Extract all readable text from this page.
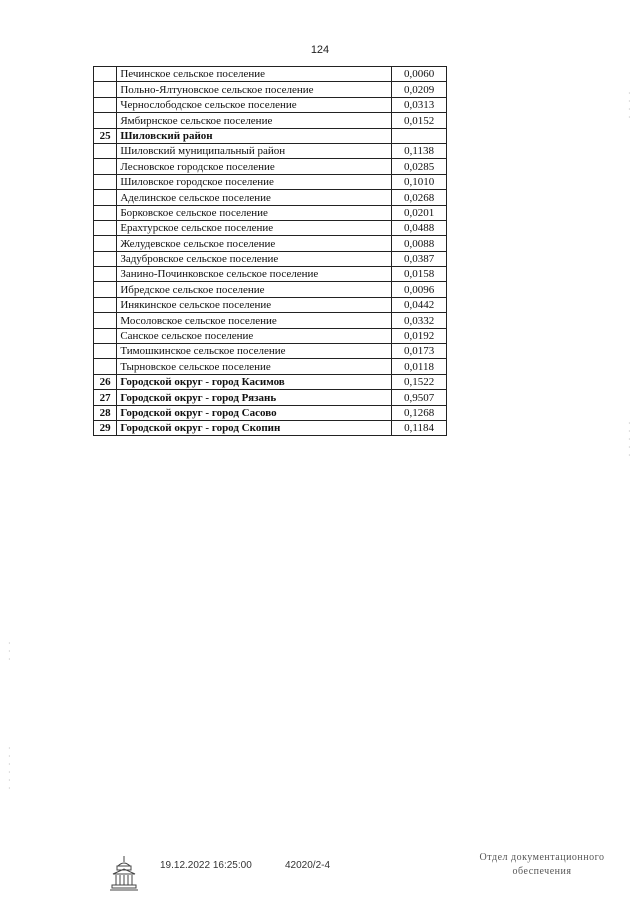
124
	Печинское сельское поселение	0,0060
	Польно-Ялтуновское сельское поселение	0,0209
	Чернослободское сельское поселение	0,0313
	Ямбирнское сельское поселение	0,0152
25	Шиловский район	
	Шиловский муниципальный район	0,1138
	Лесновское городское поселение	0,0285
	Шиловское городское поселение	0,1010
	Аделинское сельское поселение	0,0268
	Борковское сельское поселение	0,0201
	Ерахтурское сельское поселение	0,0488
	Желудевское сельское поселение	0,0088
	Задубровское сельское поселение	0,0387
	Занино-Починковское сельское поселение	0,0158
	Ибредское сельское поселение	0,0096
	Инякинское сельское поселение	0,0442
	Мосоловское сельское поселение	0,0332
	Санское сельское поселение	0,0192
	Тимошкинское сельское поселение	0,0173
	Тырновское сельское поселение	0,0118
26	Городской округ - город Касимов	0,1522
27	Городской округ - город Рязань	0,9507
28	Городской округ - город Сасово	0,1268
29	Городской округ - город Скопин	0,1184
19.12.2022 16:25:00	42020/2-4
Отдел документационного
обеспечения
·
·
·
·
·
·
·
·
·
·
·
·
·
·
·
·
·
·
